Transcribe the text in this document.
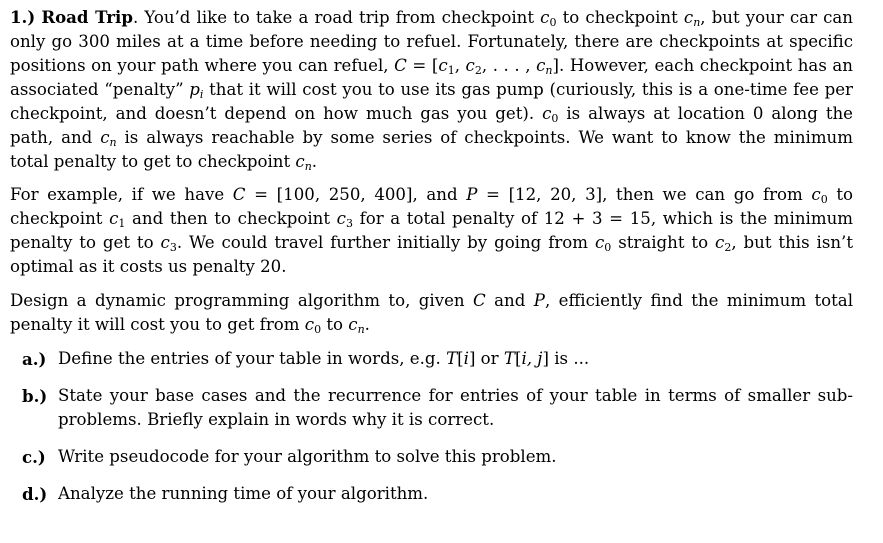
1.) Road Trip. You’d like to take a road trip from checkpoint $c_0$ to checkpoint $c_n$, but your car can only go 300 miles at a time before needing to refuel. Fortunately, there are checkpoints at specific positions on your path where you can refuel, $C = [c_1$, $c_2$, . . . , $c_n$]. However, each checkpoint has an associated “penalty” $p_i$ that it will cost you to use its gas pump (curiously, this is a one-time fee per checkpoint, and doesn’t depend on how much gas you get). $c_0$ is always at location 0 along the path, and $c_n$ is always reachable by some series of checkpoints. We want to know the minimum total penalty to get to checkpoint $c_n$.

For example, if we have C = [100, 250, 400], and P = [12, 20, 3], then we can go from $c_0$ to checkpoint $c_1$ and then to checkpoint $c_3$ for a total penalty of 12 + 3 = 15, which is the minimum penalty to get to $c_3$. We could travel further initially by going from $c_0$ straight to $c_2$, but this isn’t optimal as it costs us penalty 20.

Design a dynamic programming algorithm to, given C and P, efficiently find the minimum total penalty it will cost you to get from $c_0$ to $c_n$.

a.) Define the entries of your table in words, e.g. T[i] or T[i, j] is ...
b.) State your base cases and the recurrence for entries of your table in terms of smaller sub-problems. Briefly explain in words why it is correct.
c.) Write pseudocode for your algorithm to solve this problem.
d.) Analyze the running time of your algorithm.
